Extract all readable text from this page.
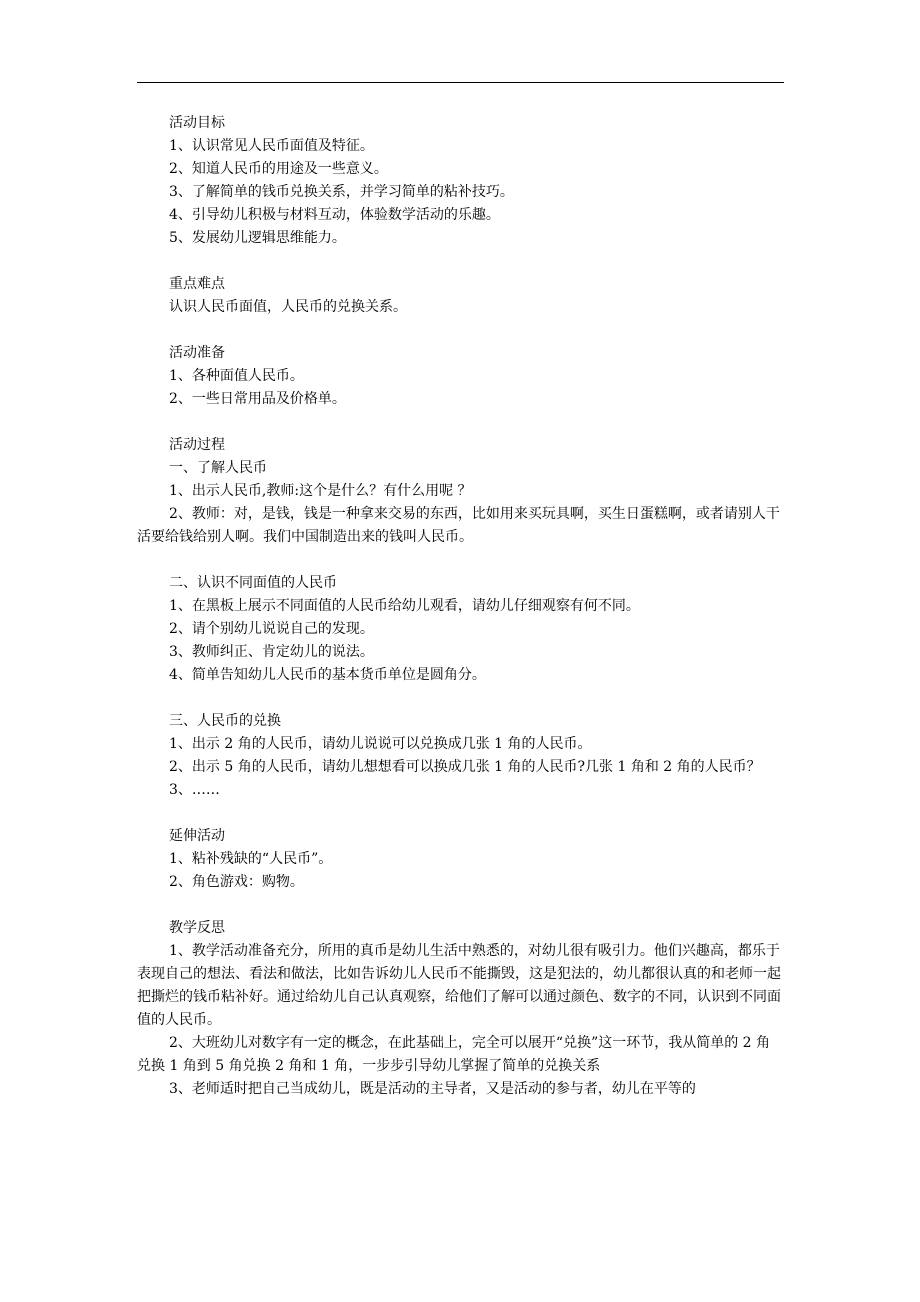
活动目标
1、认识常见人民币面值及特征。
2、知道人民币的用途及一些意义。
3、了解简单的钱币兑换关系，并学习简单的粘补技巧。
4、引导幼儿积极与材料互动，体验数学活动的乐趣。
5、发展幼儿逻辑思维能力。
重点难点
认识人民币面值，人民币的兑换关系。
活动准备
1、各种面值人民币。
2、一些日常用品及价格单。
活动过程
一、了解人民币
1、出示人民币,教师:这个是什么？有什么用呢 ？
2、教师：对，是钱，钱是一种拿来交易的东西，比如用来买玩具啊，买生日蛋糕啊，或者请别人干活要给钱给别人啊。我们中国制造出来的钱叫人民币。
二、认识不同面值的人民币
1、在黑板上展示不同面值的人民币给幼儿观看，请幼儿仔细观察有何不同。
2、请个别幼儿说说自己的发现。
3、教师纠正、肯定幼儿的说法。
4、简单告知幼儿人民币的基本货币单位是圆角分。
三、人民币的兑换
1、出示 2 角的人民币，请幼儿说说可以兑换成几张 1 角的人民币。
2、出示 5 角的人民币，请幼儿想想看可以换成几张 1 角的人民币?几张 1 角和 2 角的人民币？
3、……
延伸活动
1、粘补残缺的“人民币”。
2、角色游戏：购物。
教学反思
1、教学活动准备充分，所用的真币是幼儿生活中熟悉的，对幼儿很有吸引力。他们兴趣高，都乐于表现自己的想法、看法和做法，比如告诉幼儿人民币不能撕毁，这是犯法的，幼儿都很认真的和老师一起把撕烂的钱币粘补好。通过给幼儿自己认真观察，给他们了解可以通过颜色、数字的不同，认识到不同面值的人民币。
2、大班幼儿对数字有一定的概念，在此基础上，完全可以展开“兑换”这一环节，我从简单的 2 角兑换 1 角到 5 角兑换 2 角和 1 角，一步步引导幼儿掌握了简单的兑换关系
3、老师适时把自己当成幼儿，既是活动的主导者，又是活动的参与者，幼儿在平等的
